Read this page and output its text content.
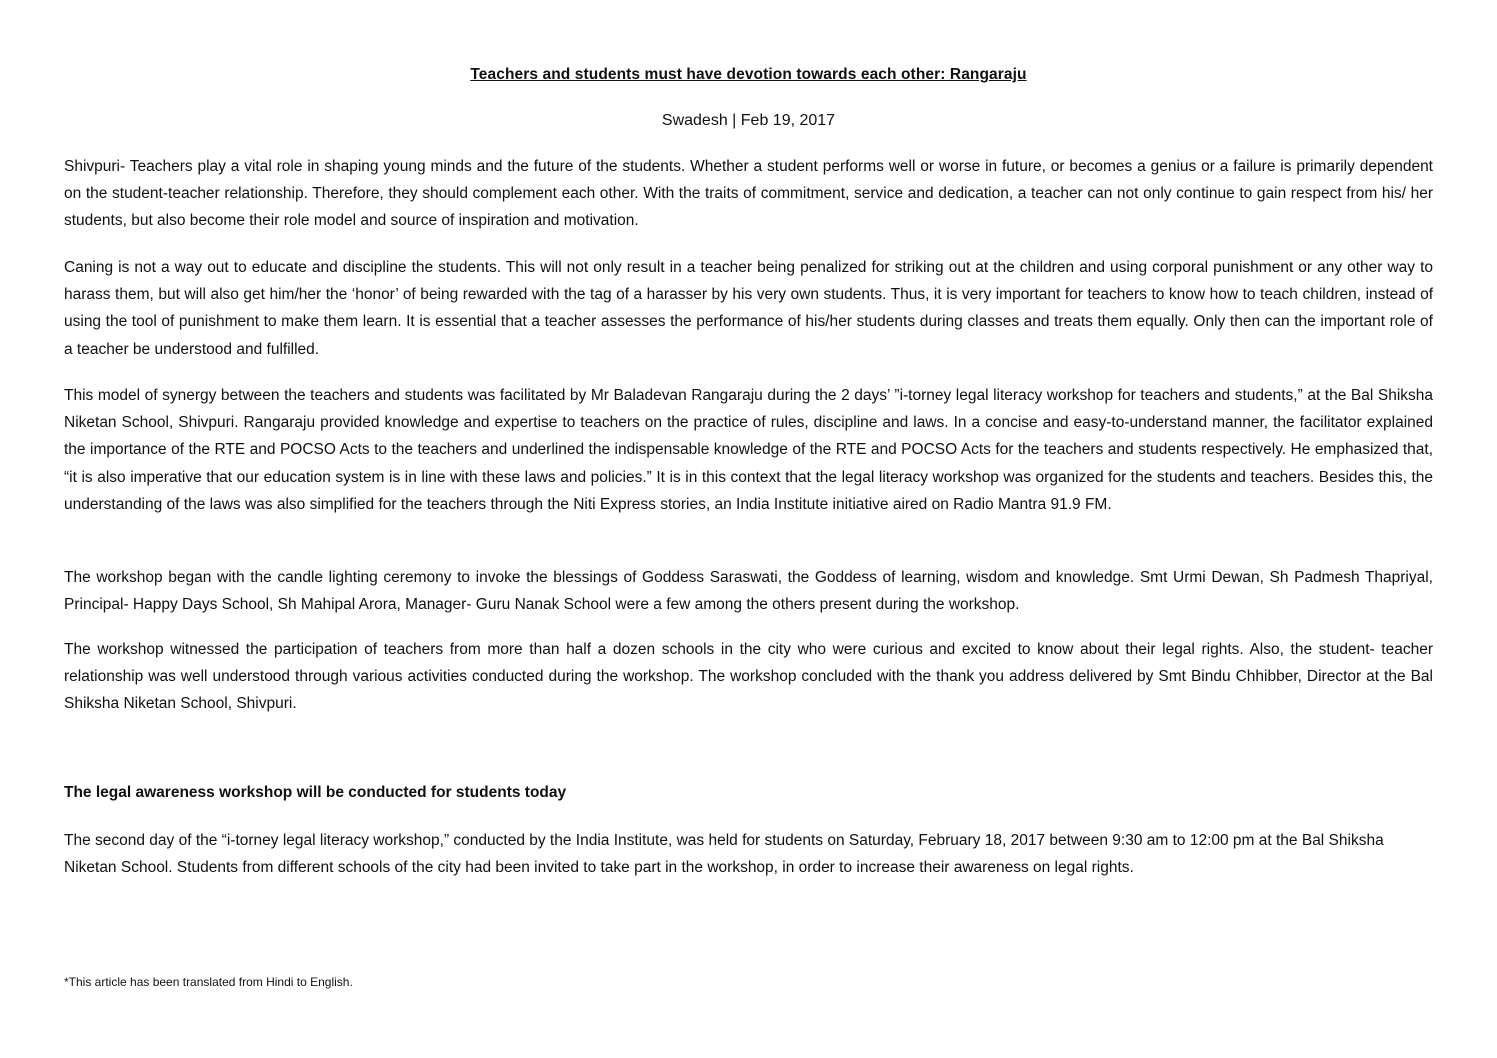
Teachers and students must have devotion towards each other: Rangaraju
Swadesh | Feb 19, 2017

Shivpuri- Teachers play a vital role in shaping young minds and the future of the students. Whether a student performs well or worse in future, or becomes a genius or a failure is primarily dependent on the student-teacher relationship. Therefore, they should complement each other. With the traits of commitment, service and dedication, a teacher can not only continue to gain respect from his/ her students, but also become their role model and source of inspiration and motivation.

Caning is not a way out to educate and discipline the students. This will not only result in a teacher being penalized for striking out at the children and using corporal punishment or any other way to harass them, but will also get him/her the ‘honor’ of being rewarded with the tag of a harasser by his very own students. Thus, it is very important for teachers to know how to teach children, instead of using the tool of punishment to make them learn. It is essential that a teacher assesses the performance of his/her students during classes and treats them equally. Only then can the important role of a teacher be understood and fulfilled.

This model of synergy between the teachers and students was facilitated by Mr Baladevan Rangaraju during the 2 days’ ”i-torney legal literacy workshop for teachers and students,” at the Bal Shiksha Niketan School, Shivpuri. Rangaraju provided knowledge and expertise to teachers on the practice of rules, discipline and laws. In a concise and easy-to-understand manner, the facilitator explained the importance of the RTE and POCSO Acts to the teachers and underlined the indispensable knowledge of the RTE and POCSO Acts for the teachers and students respectively. He emphasized that, “it is also imperative that our education system is in line with these laws and policies.” It is in this context that the legal literacy workshop was organized for the students and teachers. Besides this, the understanding of the laws was also simplified for the teachers through the Niti Express stories, an India Institute initiative aired on Radio Mantra 91.9 FM.

The workshop began with the candle lighting ceremony to invoke the blessings of Goddess Saraswati, the Goddess of learning, wisdom and knowledge. Smt Urmi Dewan, Sh Padmesh Thapriyal, Principal- Happy Days School, Sh Mahipal Arora, Manager- Guru Nanak School were a few among the others present during the workshop.

The workshop witnessed the participation of teachers from more than half a dozen schools in the city who were curious and excited to know about their legal rights. Also, the student- teacher relationship was well understood through various activities conducted during the workshop. The workshop concluded with the thank you address delivered by Smt Bindu Chhibber, Director at the Bal Shiksha Niketan School, Shivpuri.

The legal awareness workshop will be conducted for students today

The second day of the “i-torney legal literacy workshop,” conducted by the India Institute, was held for students on Saturday, February 18, 2017 between 9:30 am to 12:00 pm at the Bal Shiksha Niketan School. Students from different schools of the city had been invited to take part in the workshop, in order to increase their awareness on legal rights.

*This article has been translated from Hindi to English.
